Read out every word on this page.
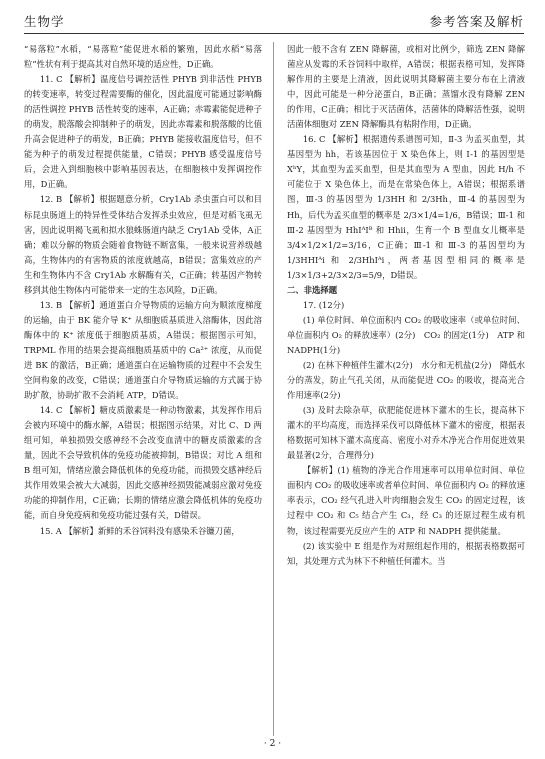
生物学	参考答案及解析

“易落粒”水稻，“易落粒”能促进水稻的繁殖，因此水稻“易落粒”性状有利于提高其对自然环境的适应性，D正确。

11. C 【解析】温度信号调控活性 PHYB 到非活性 PHYB 的转变速率，转变过程需要酶的催化，因此温度可能通过影响酶的活性调控 PHYB 活性转变的速率，A正确；赤霉素能促进种子的萌发，脱落酸会抑制种子的萌发，因此赤霉素和脱落酸的比值升高会促进种子的萌发，B正确；PHYB 能接收温度信号，但不能为种子的萌发过程提供能量，C错误；PHYB 感受温度信号后，会进入到细胞核中影响基因表达，在细胞核中发挥调控作用，D正确。

12. B 【解析】根据题意分析，Cry1Ab 杀虫蛋白可以和目标昆虫肠道上的特异性受体结合发挥杀虫效应，但是对稻飞虱无害，因此说明褐飞虱和拟水狼蛛肠道内缺乏 Cry1Ab 受体，A正确；难以分解的物质会随着食物链不断富集，一般来说营养级越高，生物体内的有害物质的浓度就越高，B错误；富集效应的产生和生物体内不含 Cry1Ab 水解酶有关，C正确；转基因产物转移到其他生物体内可能带来一定的生态风险，D正确。

13. B 【解析】通道蛋白介导物质的运输方向为顺浓度梯度的运输，由于 BK 能介导 K⁺ 从细胞质基质进入溶酶体，因此溶酶体中的 K⁺ 浓度低于细胞质基质，A错误；根据图示可知，TRPML 作用的结果会提高细胞质基质中的 Ca²⁺ 浓度，从而促进 BK 的激活，B正确；通道蛋白在运输物质的过程中不会发生空间构象的改变，C错误；通道蛋白介导物质运输的方式属于协助扩散，协助扩散不会消耗 ATP，D错误。

14. C 【解析】糖皮质激素是一种动物激素，其发挥作用后会被内环境中的酶水解，A错误；根据图示结果，对比 C、D 两组可知，单独损毁交感神经不会改变血清中的糖皮质激素的含量，因此不会导致机体的免疫功能被抑制，B错误；对比 A 组和 B 组可知，情绪应激会降低机体的免疫功能，而损毁交感神经后其作用效果会被大大减弱，因此交感神经损毁能减弱应激对免疫功能的抑制作用，C正确；长期的情绪应激会降低机体的免疫功能，而自身免疫病和免疫功能过强有关，D错误。

15. A 【解析】新鲜的禾谷饲料没有感染禾谷镰刀菌，

因此一般不含有 ZEN 降解菌，或相对比例少，筛选 ZEN 降解菌应从发霉的禾谷饲料中取样，A错误；根据表格可知，发挥降解作用的主要是上清液，因此说明其降解菌主要分布在上清液中，因此可能是一种分泌蛋白，B正确；蒸馏水没有降解 ZEN 的作用，C正确；相比于灭活菌体，活菌体的降解活性强，说明活菌体细胞对 ZEN 降解酶具有粘附作用，D正确。

16. C 【解析】根据遗传系谱图可知，Ⅱ-3 为孟买血型，其基因型为 hh，若该基因位于 X 染色体上，则 Ⅰ-1 的基因型是 XʰY，其血型为孟买血型，但是其血型为 A 型血，因此 H/h 不可能位于 X 染色体上，而是在常染色体上，A错误；根据系谱图，Ⅲ-3 的基因型为 1/3HH 和 2/3Hh，Ⅲ-4 的基因型为 Hh，后代为孟买血型的概率是 2/3×1/4=1/6，B错误；Ⅲ-1 和 Ⅲ-2 基因型为 HhIᴬIᴮ 和 Hhii，生育一个 B 型血女儿概率是 3/4×1/2×1/2=3/16，C正确；Ⅲ-1 和 Ⅲ-3 的基因型均为 1/3HHIᴬi 和 2/3HhIᴬi，两者基因型相同的概率是 1/3×1/3+2/3×2/3=5/9，D错误。

二、非选择题

17. (12分)

(1) 单位时间、单位面积内 CO₂ 的吸收速率（或单位时间、单位面积内 O₂ 的释放速率）(2分)　CO₂ 的固定(1分)　ATP 和 NADPH(1分)

(2) 在林下种植伴生灌木(2分)　水分和无机盐(2分)　降低水分的蒸发，防止气孔关闭，从而能促进 CO₂ 的吸收，提高光合作用速率(2分)

(3) 及时去除杂草，砍肥能促进林下灌木的生长，提高林下灌木的平均高度，而选择采伐可以降低林下灌木的密度，根据表格数据可知林下灌木高度高、密度小对乔木净光合作用促进效果最显著(2分，合理得分)

【解析】(1) 植物的净光合作用速率可以用单位时间、单位面积内 CO₂ 的吸收速率或者单位时间、单位面积内 O₂ 的释放速率表示，CO₂ 经气孔进入叶肉细胞会发生 CO₂ 的固定过程，该过程中 CO₂ 和 C₅ 结合产生 C₃，经 C₃ 的还原过程生成有机物，该过程需要光反应产生的 ATP 和 NADPH 提供能量。

(2) 该实验中 E 组是作为对照组起作用的，根据表格数据可知，其处理方式为林下不种植任何灌木。当

· 2 ·
